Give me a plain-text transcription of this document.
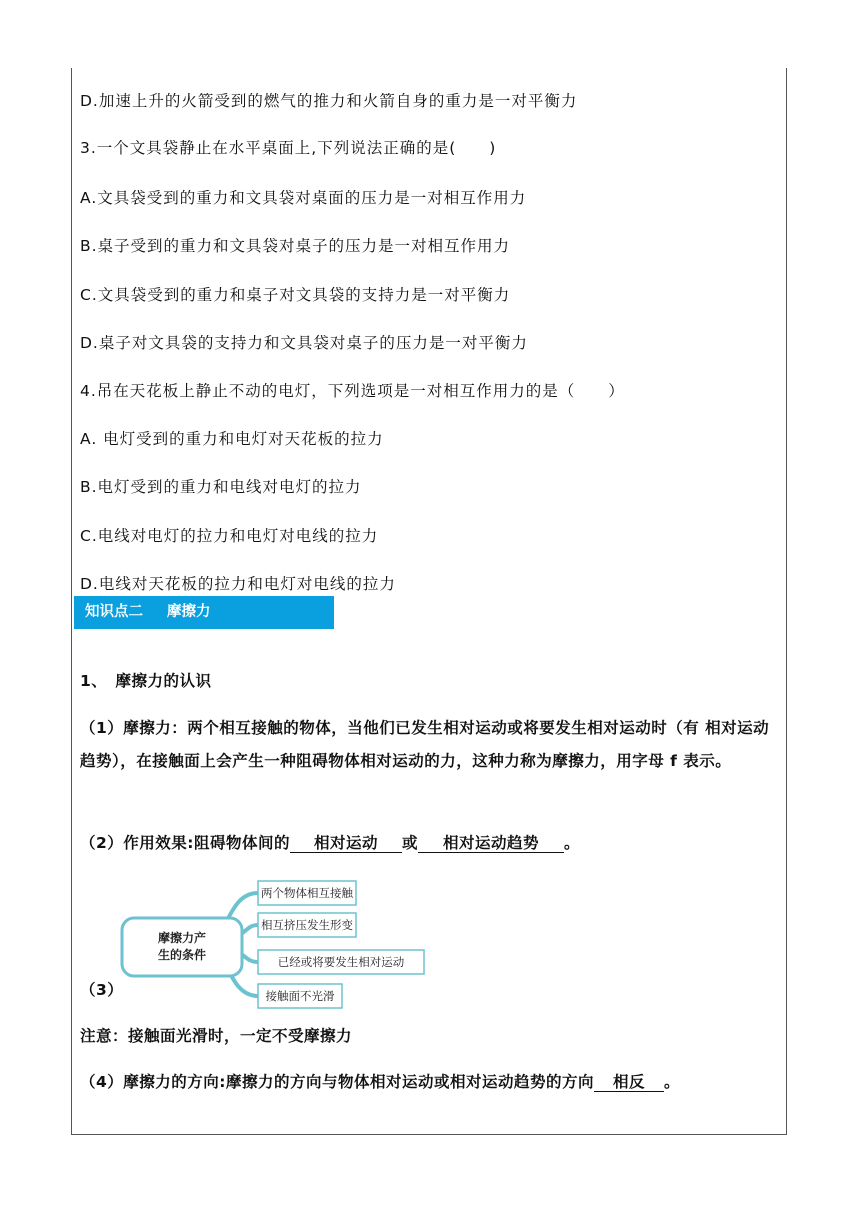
D.加速上升的火箭受到的燃气的推力和火箭自身的重力是一对平衡力
3.一个文具袋静止在水平桌面上,下列说法正确的是(　　)
A.文具袋受到的重力和文具袋对桌面的压力是一对相互作用力
B.桌子受到的重力和文具袋对桌子的压力是一对相互作用力
C.文具袋受到的重力和桌子对文具袋的支持力是一对平衡力
D.桌子对文具袋的支持力和文具袋对桌子的压力是一对平衡力
4.吊在天花板上静止不动的电灯，下列选项是一对相互作用力的是（　　）
A. 电灯受到的重力和电灯对天花板的拉力
B.电灯受到的重力和电线对电灯的拉力
C.电线对电灯的拉力和电灯对电线的拉力
D.电线对天花板的拉力和电灯对电线的拉力
知识点二 摩擦力
1、　摩擦力的认识
（1）摩擦力：两个相互接触的物体，当他们已发生相对运动或将要发生相对运动时（有 相对运动趋势），在接触面上会产生一种阻碍物体相对运动的力，这种力称为摩擦力，用字母 f 表示。
（2）作用效果:阻碍物体间的 相对运动 或 相对运动趋势 。
摩擦力产
生的条件
两个物体相互接触
相互挤压发生形变
已经或将要发生相对运动
接触面不光滑
（3）
注意：接触面光滑时，一定不受摩擦力
（4）摩擦力的方向:摩擦力的方向与物体相对运动或相对运动趋势的方向 相反 。
